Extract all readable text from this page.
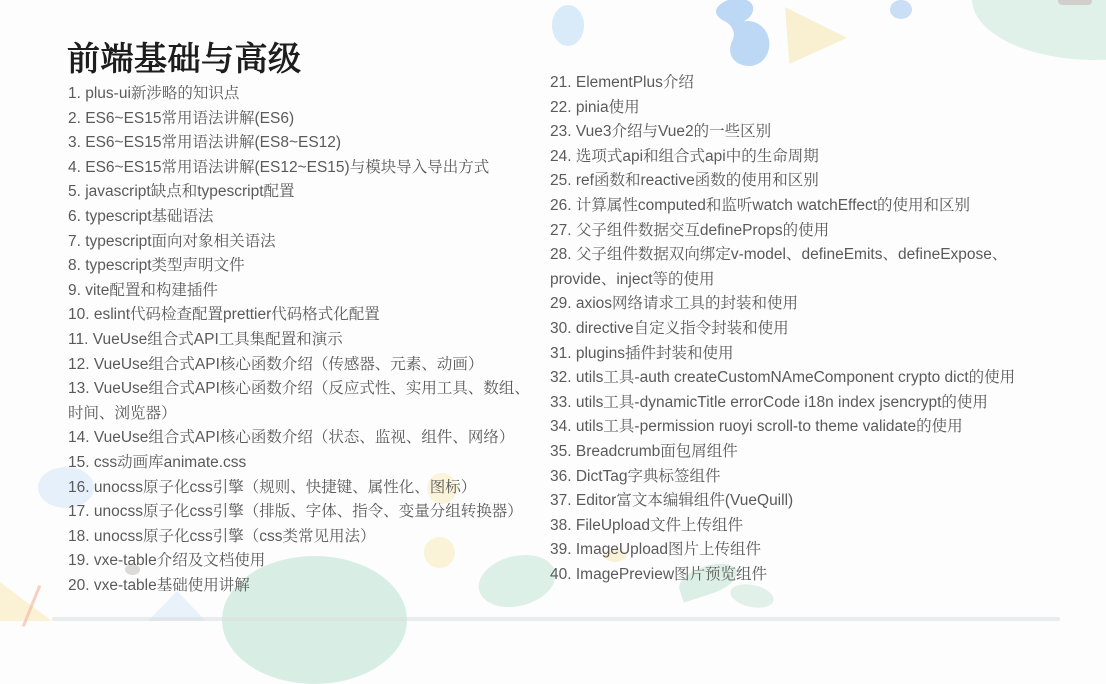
前端基础与高级
1. plus-ui新涉略的知识点
2. ES6~ES15常用语法讲解(ES6)
3. ES6~ES15常用语法讲解(ES8~ES12)
4. ES6~ES15常用语法讲解(ES12~ES15)与模块导入导出方式
5. javascript缺点和typescript配置
6. typescript基础语法
7. typescript面向对象相关语法
8. typescript类型声明文件
9. vite配置和构建插件
10. eslint代码检查配置prettier代码格式化配置
11. VueUse组合式API工具集配置和演示
12. VueUse组合式API核心函数介绍（传感器、元素、动画）
13. VueUse组合式API核心函数介绍（反应式性、实用工具、数组、时间、浏览器）
14. VueUse组合式API核心函数介绍（状态、监视、组件、网络）
15. css动画库animate.css
16. unocss原子化css引擎（规则、快捷键、属性化、图标）
17. unocss原子化css引擎（排版、字体、指令、变量分组转换器）
18. unocss原子化css引擎（css类常见用法）
19. vxe-table介绍及文档使用
20. vxe-table基础使用讲解
21. ElementPlus介绍
22. pinia使用
23. Vue3介绍与Vue2的一些区别
24. 选项式api和组合式api中的生命周期
25. ref函数和reactive函数的使用和区别
26. 计算属性computed和监听watch watchEffect的使用和区别
27. 父子组件数据交互defineProps的使用
28. 父子组件数据双向绑定v-model、defineEmits、defineExpose、provide、inject等的使用
29. axios网络请求工具的封装和使用
30. directive自定义指令封装和使用
31. plugins插件封装和使用
32. utils工具-auth createCustomNAmeComponent crypto dict的使用
33. utils工具-dynamicTitle errorCode i18n index jsencrypt的使用
34. utils工具-permission ruoyi scroll-to theme validate的使用
35. Breadcrumb面包屑组件
36. DictTag字典标签组件
37. Editor富文本编辑组件(VueQuill)
38. FileUpload文件上传组件
39. ImageUpload图片上传组件
40. ImagePreview图片预览组件
